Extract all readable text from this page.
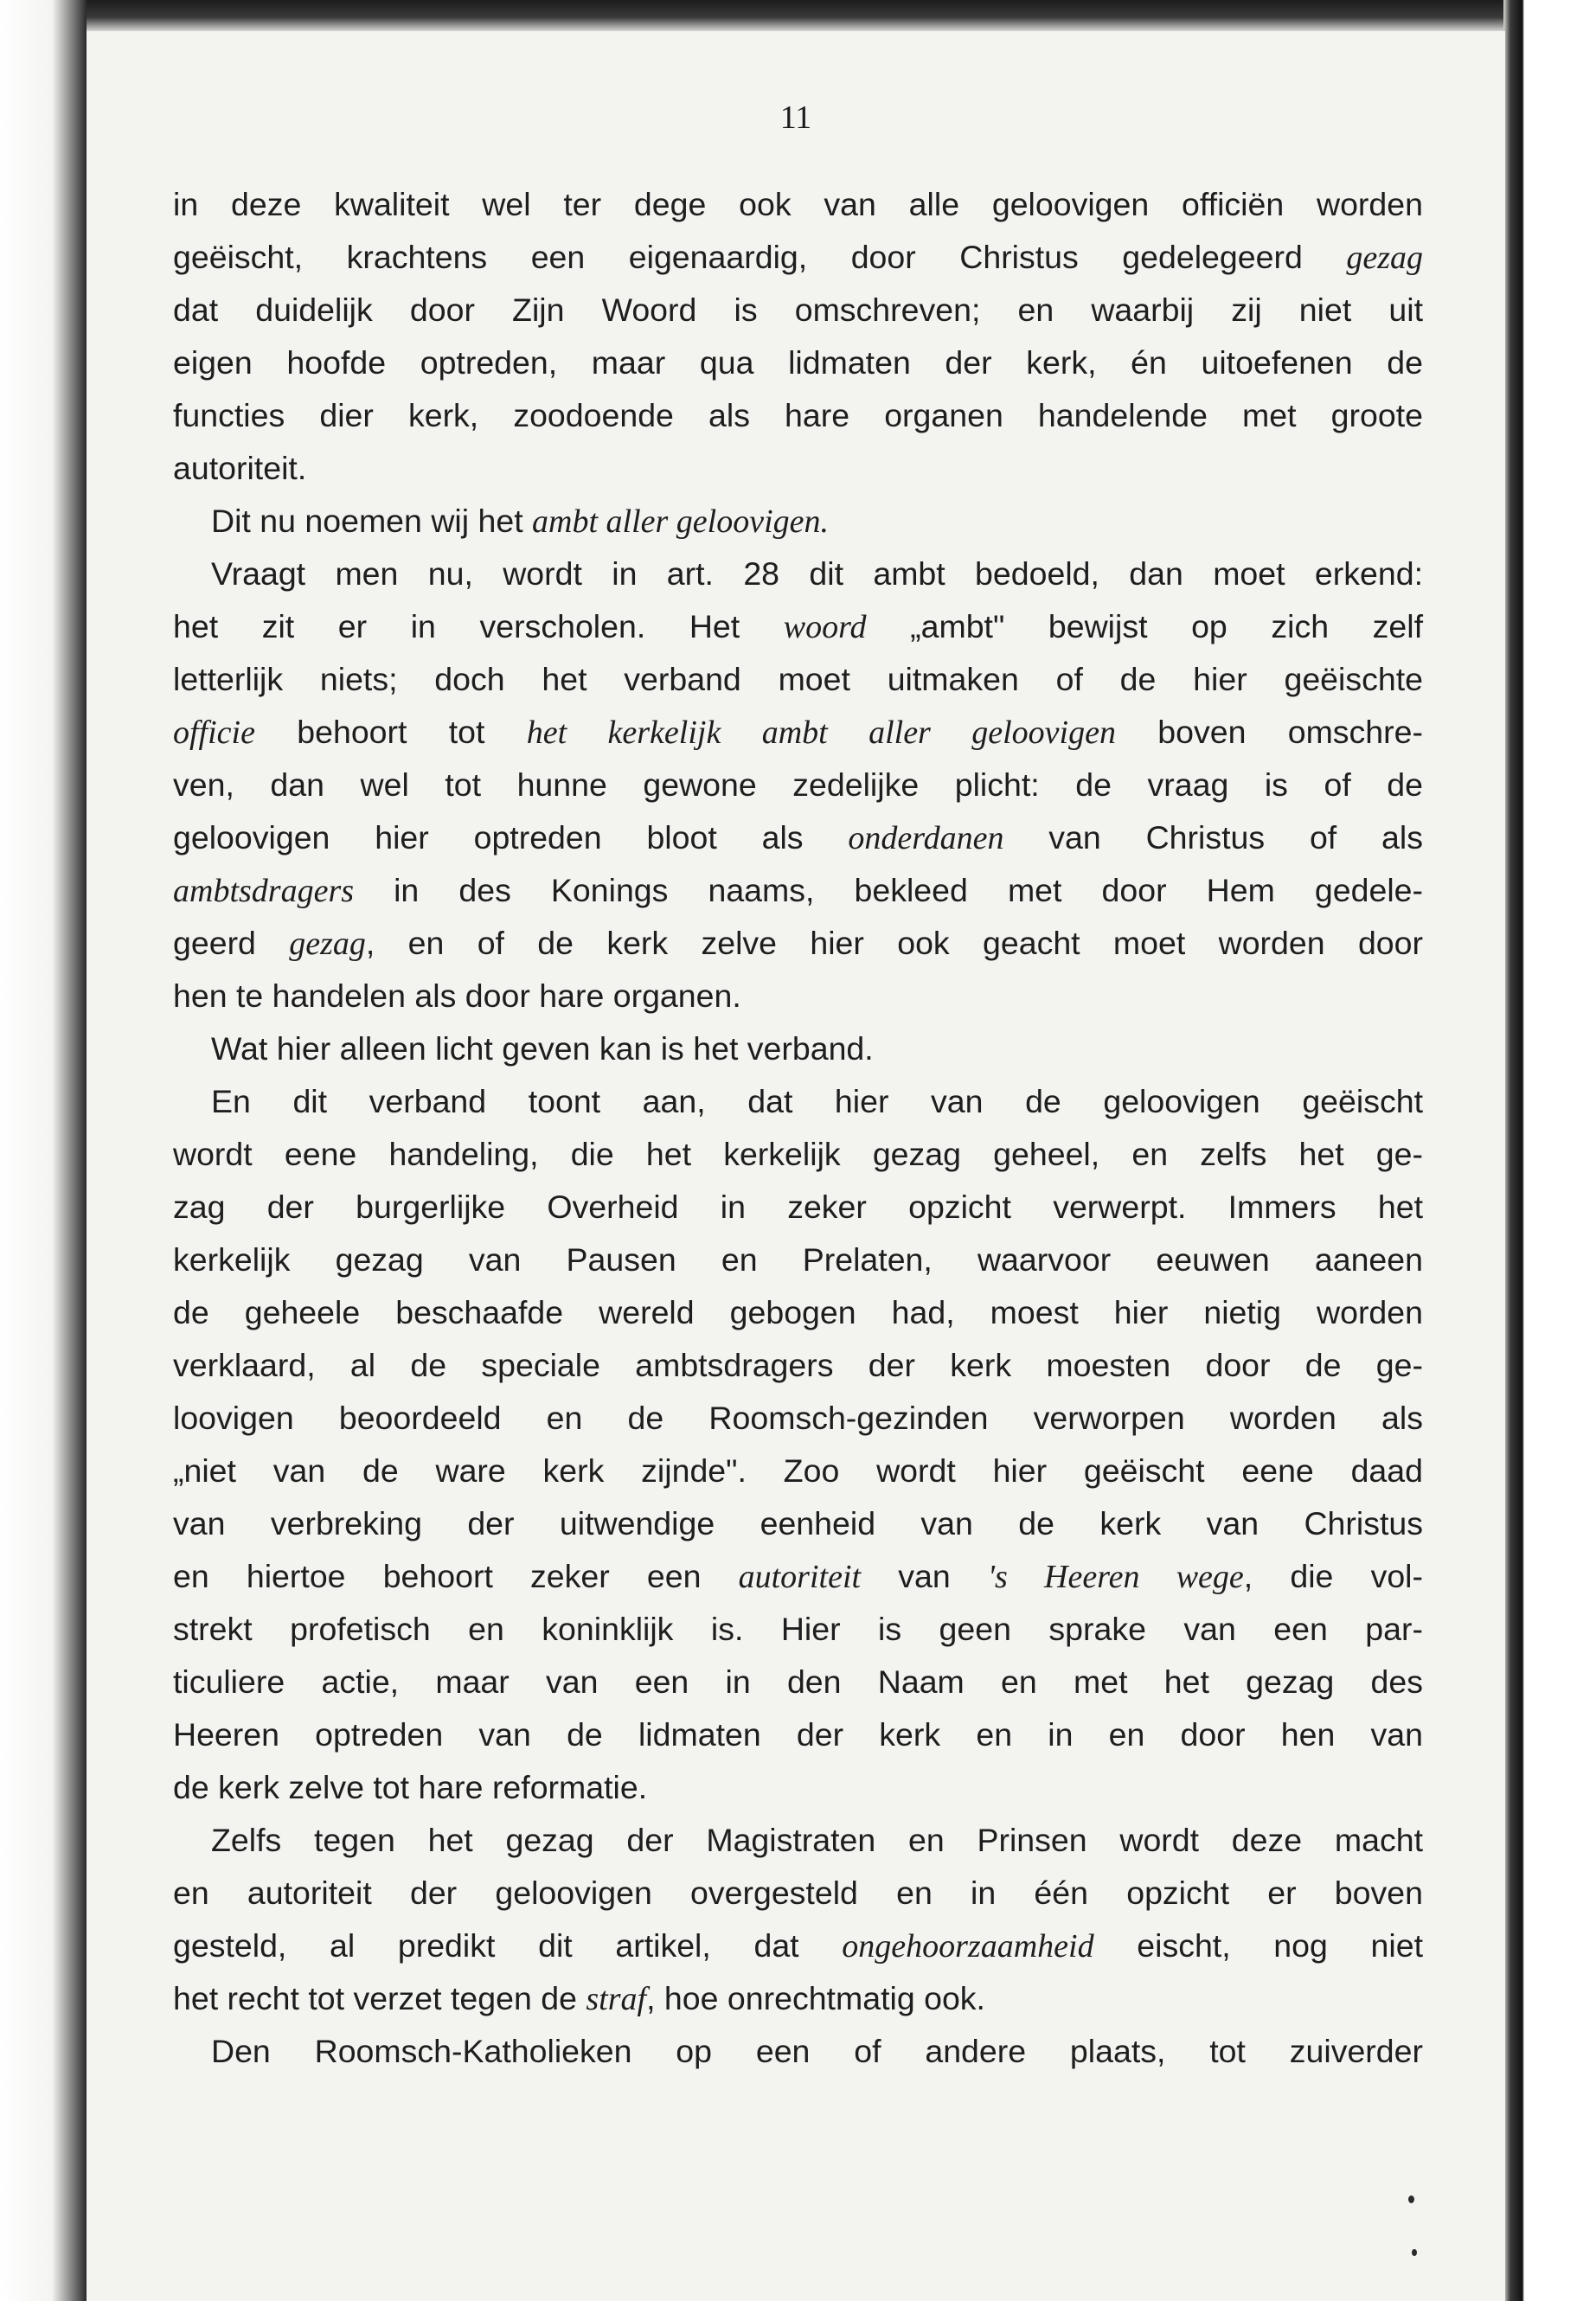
11
in deze kwaliteit wel ter dege ook van alle geloovigen officiën worden
geëischt, krachtens een eigenaardig, door Christus gedelegeerd gezag
dat duidelijk door Zijn Woord is omschreven; en waarbij zij niet uit
eigen hoofde optreden, maar qua lidmaten der kerk, én uitoefenen de
functies dier kerk, zoodoende als hare organen handelende met groote
autoriteit.
Dit nu noemen wij het ambt aller geloovigen.
Vraagt men nu, wordt in art. 28 dit ambt bedoeld, dan moet erkend:
het zit er in verscholen. Het woord „ambt" bewijst op zich zelf
letterlijk niets; doch het verband moet uitmaken of de hier geëischte
officie behoort tot het kerkelijk ambt aller geloovigen boven omschre-
ven, dan wel tot hunne gewone zedelijke plicht: de vraag is of de
geloovigen hier optreden bloot als onderdanen van Christus of als
ambtsdragers in des Konings naams, bekleed met door Hem gedele-
geerd gezag, en of de kerk zelve hier ook geacht moet worden door
hen te handelen als door hare organen.
Wat hier alleen licht geven kan is het verband.
En dit verband toont aan, dat hier van de geloovigen geëischt
wordt eene handeling, die het kerkelijk gezag geheel, en zelfs het ge-
zag der burgerlijke Overheid in zeker opzicht verwerpt. Immers het
kerkelijk gezag van Pausen en Prelaten, waarvoor eeuwen aaneen
de geheele beschaafde wereld gebogen had, moest hier nietig worden
verklaard, al de speciale ambtsdragers der kerk moesten door de ge-
loovigen beoordeeld en de Roomsch-gezinden verworpen worden als
„niet van de ware kerk zijnde". Zoo wordt hier geëischt eene daad
van verbreking der uitwendige eenheid van de kerk van Christus
en hiertoe behoort zeker een autoriteit van 's Heeren wege, die vol-
strekt profetisch en koninklijk is. Hier is geen sprake van een par-
ticuliere actie, maar van een in den Naam en met het gezag des
Heeren optreden van de lidmaten der kerk en in en door hen van
de kerk zelve tot hare reformatie.
Zelfs tegen het gezag der Magistraten en Prinsen wordt deze macht
en autoriteit der geloovigen overgesteld en in één opzicht er boven
gesteld, al predikt dit artikel, dat ongehoorzaamheid eischt, nog niet
het recht tot verzet tegen de straf, hoe onrechtmatig ook.
Den Roomsch-Katholieken op een of andere plaats, tot zuiverder
